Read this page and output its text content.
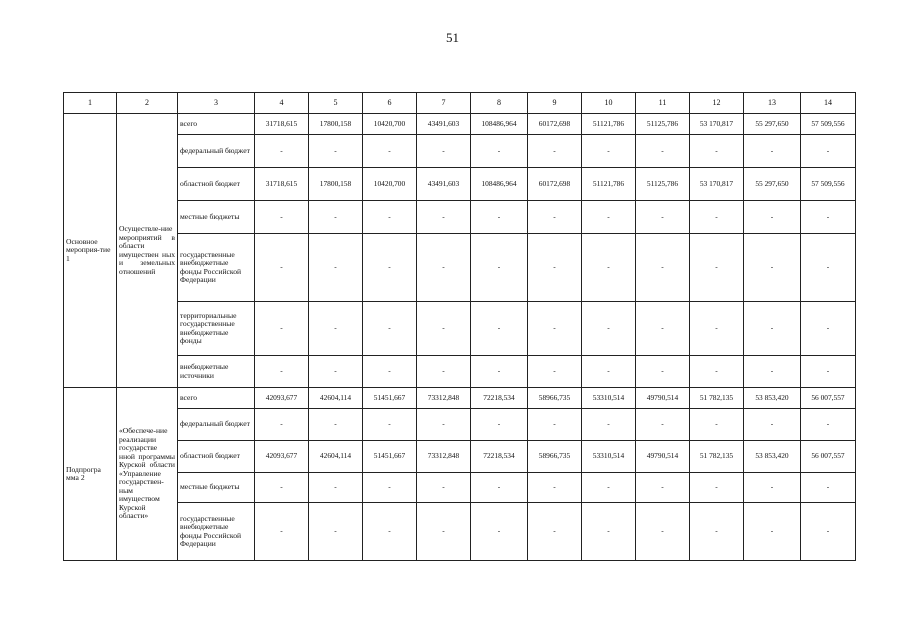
51
1	2	3	4	5	6	7	8	9	10	11	12	13	14
Основное мероприя-тие 1	Осуществле-ние мероприятий в области имуществен ных и земельных отношений	всего	31718,615	17800,158	10420,700	43491,603	108486,964	60172,698	51121,786	51125,786	53 170,817	55 297,650	57 509,556
		федеральный бюджет	-	-	-	-	-	-	-	-	-	-	-
		областной бюджет	31718,615	17800,158	10420,700	43491,603	108486,964	60172,698	51121,786	51125,786	53 170,817	55 297,650	57 509,556
		местные бюджеты	-	-	-	-	-	-	-	-	-	-	-
		государственные внебюджетные фонды Российской Федерации	-	-	-	-	-	-	-	-	-	-	-
		территориальные государственные внебюджетные фонды	-	-	-	-	-	-	-	-	-	-	-
		внебюджетные источники	-	-	-	-	-	-	-	-	-	-	-
Подпрогра мма 2	«Обеспече-ние реализации государстве нной программы Курской области «Управление государствен-ным имуществом Курской области»	всего	42093,677	42604,114	51451,667	73312,848	72218,534	58966,735	53310,514	49790,514	51 782,135	53 853,420	56 007,557
		федеральный бюджет	-	-	-	-	-	-	-	-	-	-	-
		областной бюджет	42093,677	42604,114	51451,667	73312,848	72218,534	58966,735	53310,514	49790,514	51 782,135	53 853,420	56 007,557
		местные бюджеты	-	-	-	-	-	-	-	-	-	-	-
		государственные внебюджетные фонды Российской Федерации	-	-	-	-	-	-	-	-	-	-	-
